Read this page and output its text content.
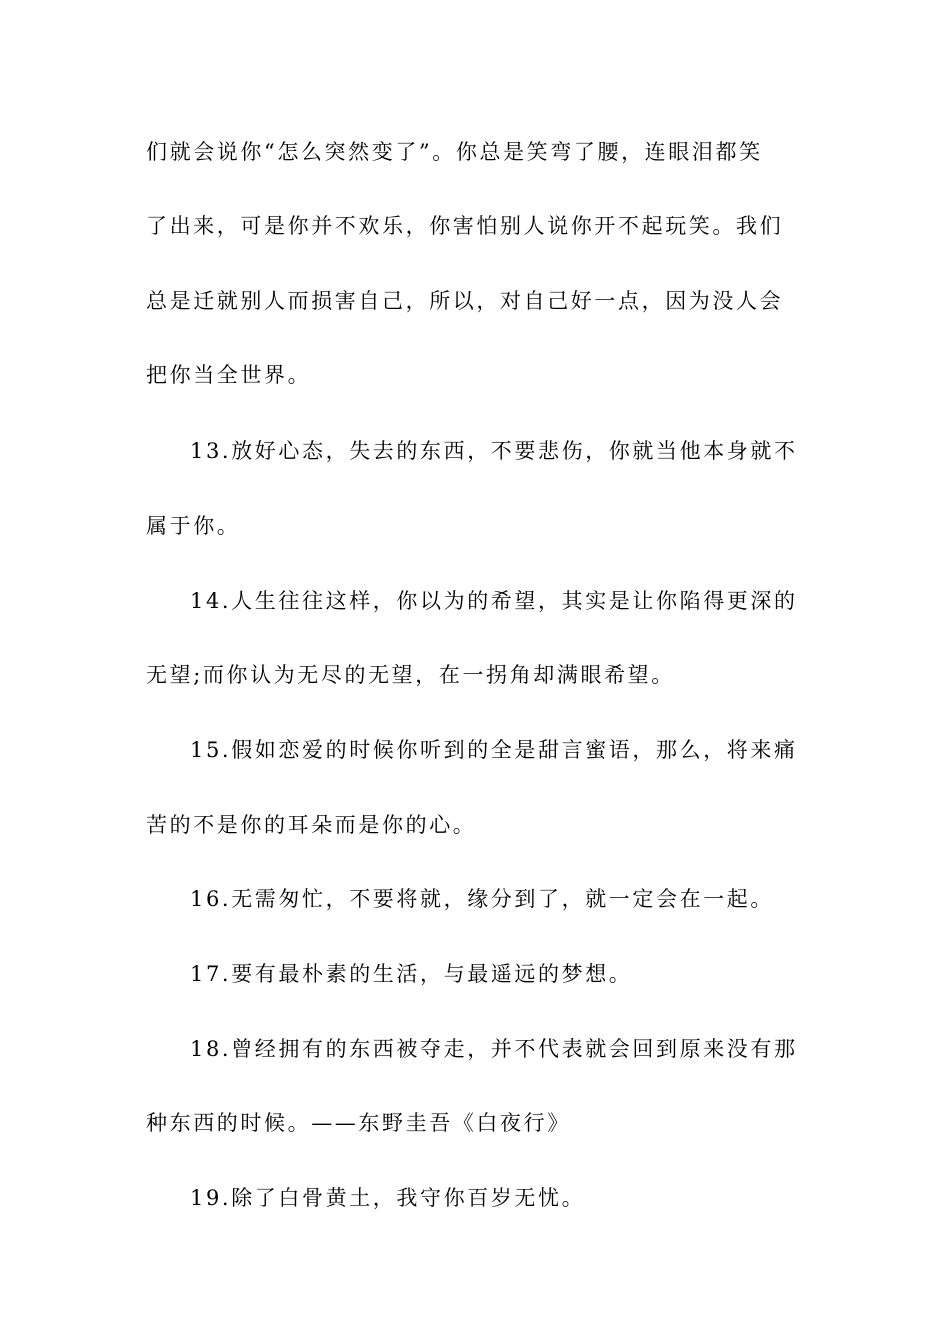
们就会说你“怎么突然变了”。你总是笑弯了腰，连眼泪都笑
了出来，可是你并不欢乐，你害怕别人说你开不起玩笑。我们
总是迁就别人而损害自己，所以，对自己好一点，因为没人会
把你当全世界。
13.放好心态，失去的东西，不要悲伤，你就当他本身就不
属于你。
14.人生往往这样，你以为的希望，其实是让你陷得更深的
无望;而你认为无尽的无望，在一拐角却满眼希望。
15.假如恋爱的时候你听到的全是甜言蜜语，那么，将来痛
苦的不是你的耳朵而是你的心。
16.无需匆忙，不要将就，缘分到了，就一定会在一起。
17.要有最朴素的生活，与最遥远的梦想。
18.曾经拥有的东西被夺走，并不代表就会回到原来没有那
种东西的时候。——东野圭吾《白夜行》
19.除了白骨黄土，我守你百岁无忧。
